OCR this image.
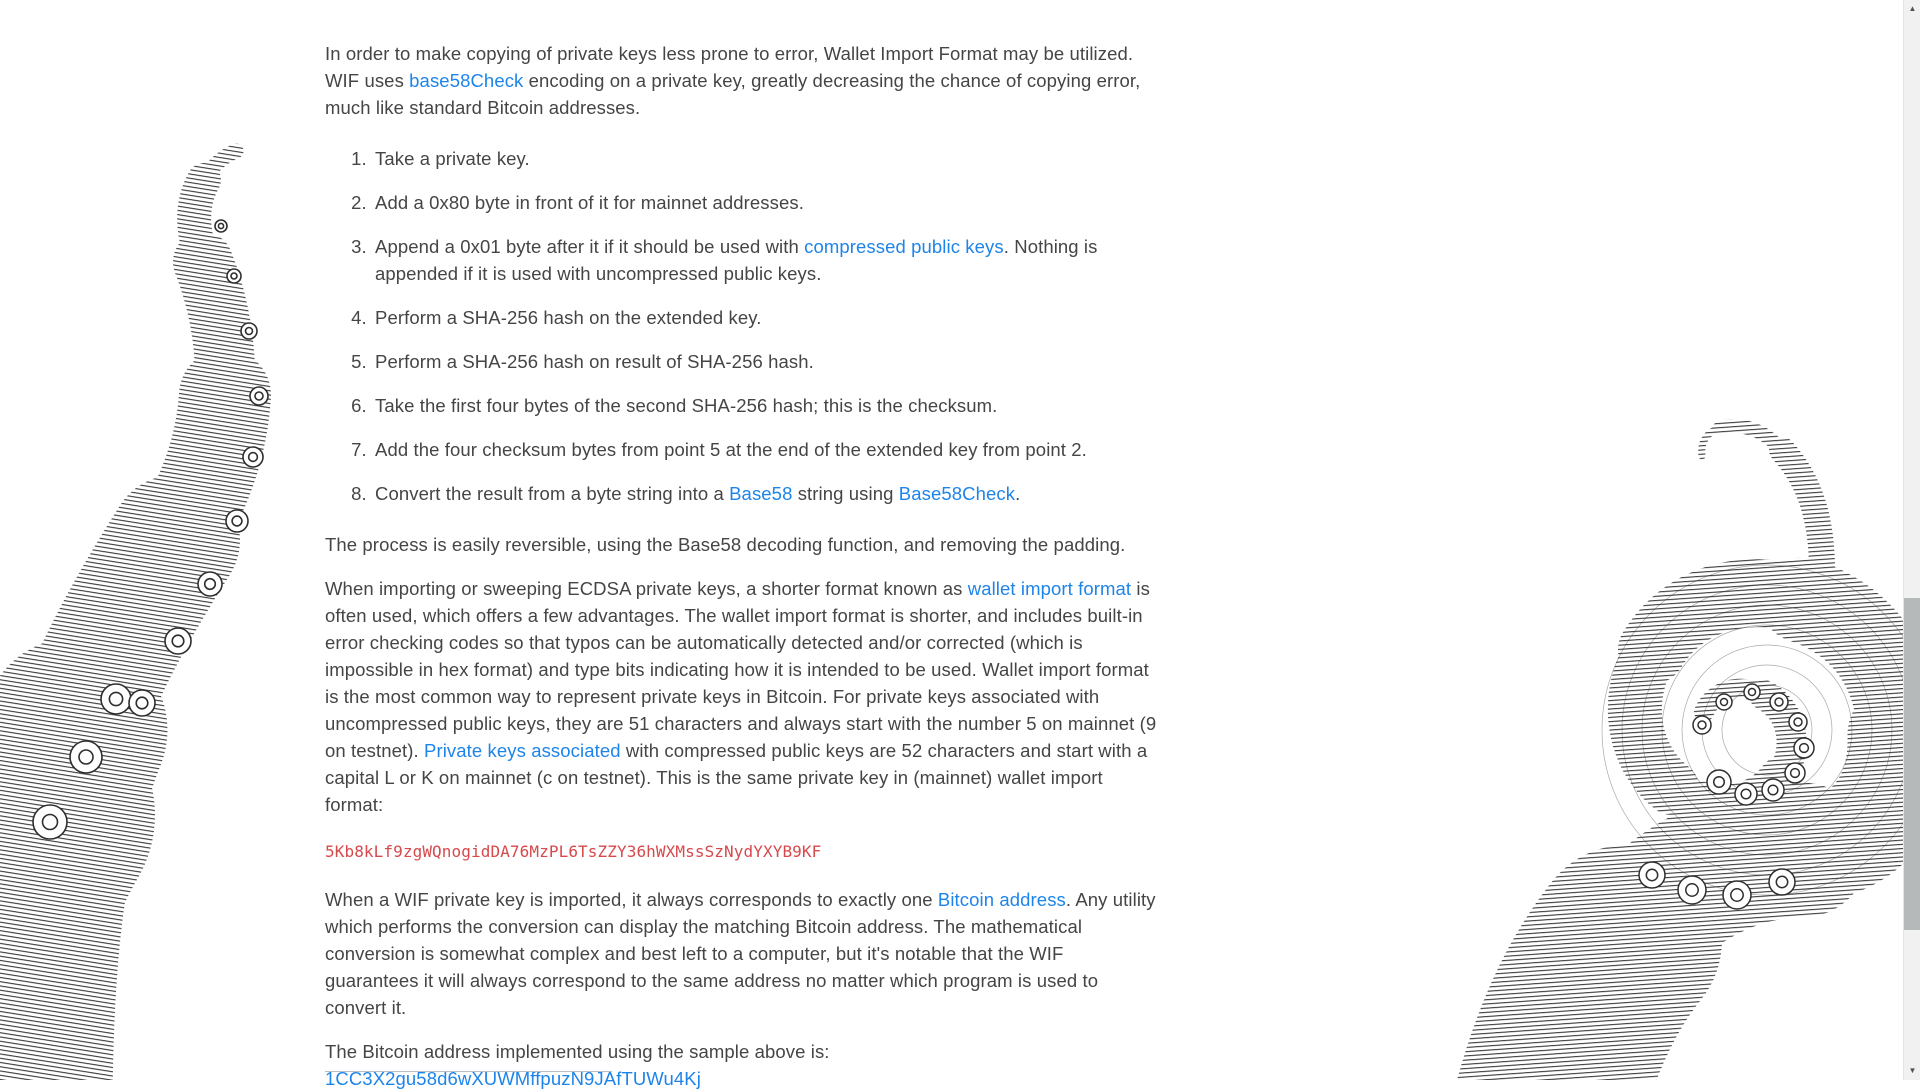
In order to make copying of private keys less prone to error, Wallet Import Format may be utilized. WIF uses base58Check encoding on a private key, greatly decreasing the chance of copying error, much like standard Bitcoin addresses.

1. Take a private key.
2. Add a 0x80 byte in front of it for mainnet addresses.
3. Append a 0x01 byte after it if it should be used with compressed public keys. Nothing is appended if it is used with uncompressed public keys.
4. Perform a SHA-256 hash on the extended key.
5. Perform a SHA-256 hash on result of SHA-256 hash.
6. Take the first four bytes of the second SHA-256 hash; this is the checksum.
7. Add the four checksum bytes from point 5 at the end of the extended key from point 2.
8. Convert the result from a byte string into a Base58 string using Base58Check.

The process is easily reversible, using the Base58 decoding function, and removing the padding.

When importing or sweeping ECDSA private keys, a shorter format known as wallet import format is often used, which offers a few advantages. The wallet import format is shorter, and includes built-in error checking codes so that typos can be automatically detected and/or corrected (which is impossible in hex format) and type bits indicating how it is intended to be used. Wallet import format is the most common way to represent private keys in Bitcoin. For private keys associated with uncompressed public keys, they are 51 characters and always start with the number 5 on mainnet (9 on testnet). Private keys associated with compressed public keys are 52 characters and start with a capital L or K on mainnet (c on testnet). This is the same private key in (mainnet) wallet import format:

5Kb8kLf9zgWQnogidDA76MzPL6TsZZY36hWXMssSzNydYXYB9KF

When a WIF private key is imported, it always corresponds to exactly one Bitcoin address. Any utility which performs the conversion can display the matching Bitcoin address. The mathematical conversion is somewhat complex and best left to a computer, but it's notable that the WIF guarantees it will always correspond to the same address no matter which program is used to convert it.

The Bitcoin address implemented using the sample above is:

1CC3X2gu58d6wXUWMffpuzN9JAfTUWu4Kj
▲
▼
